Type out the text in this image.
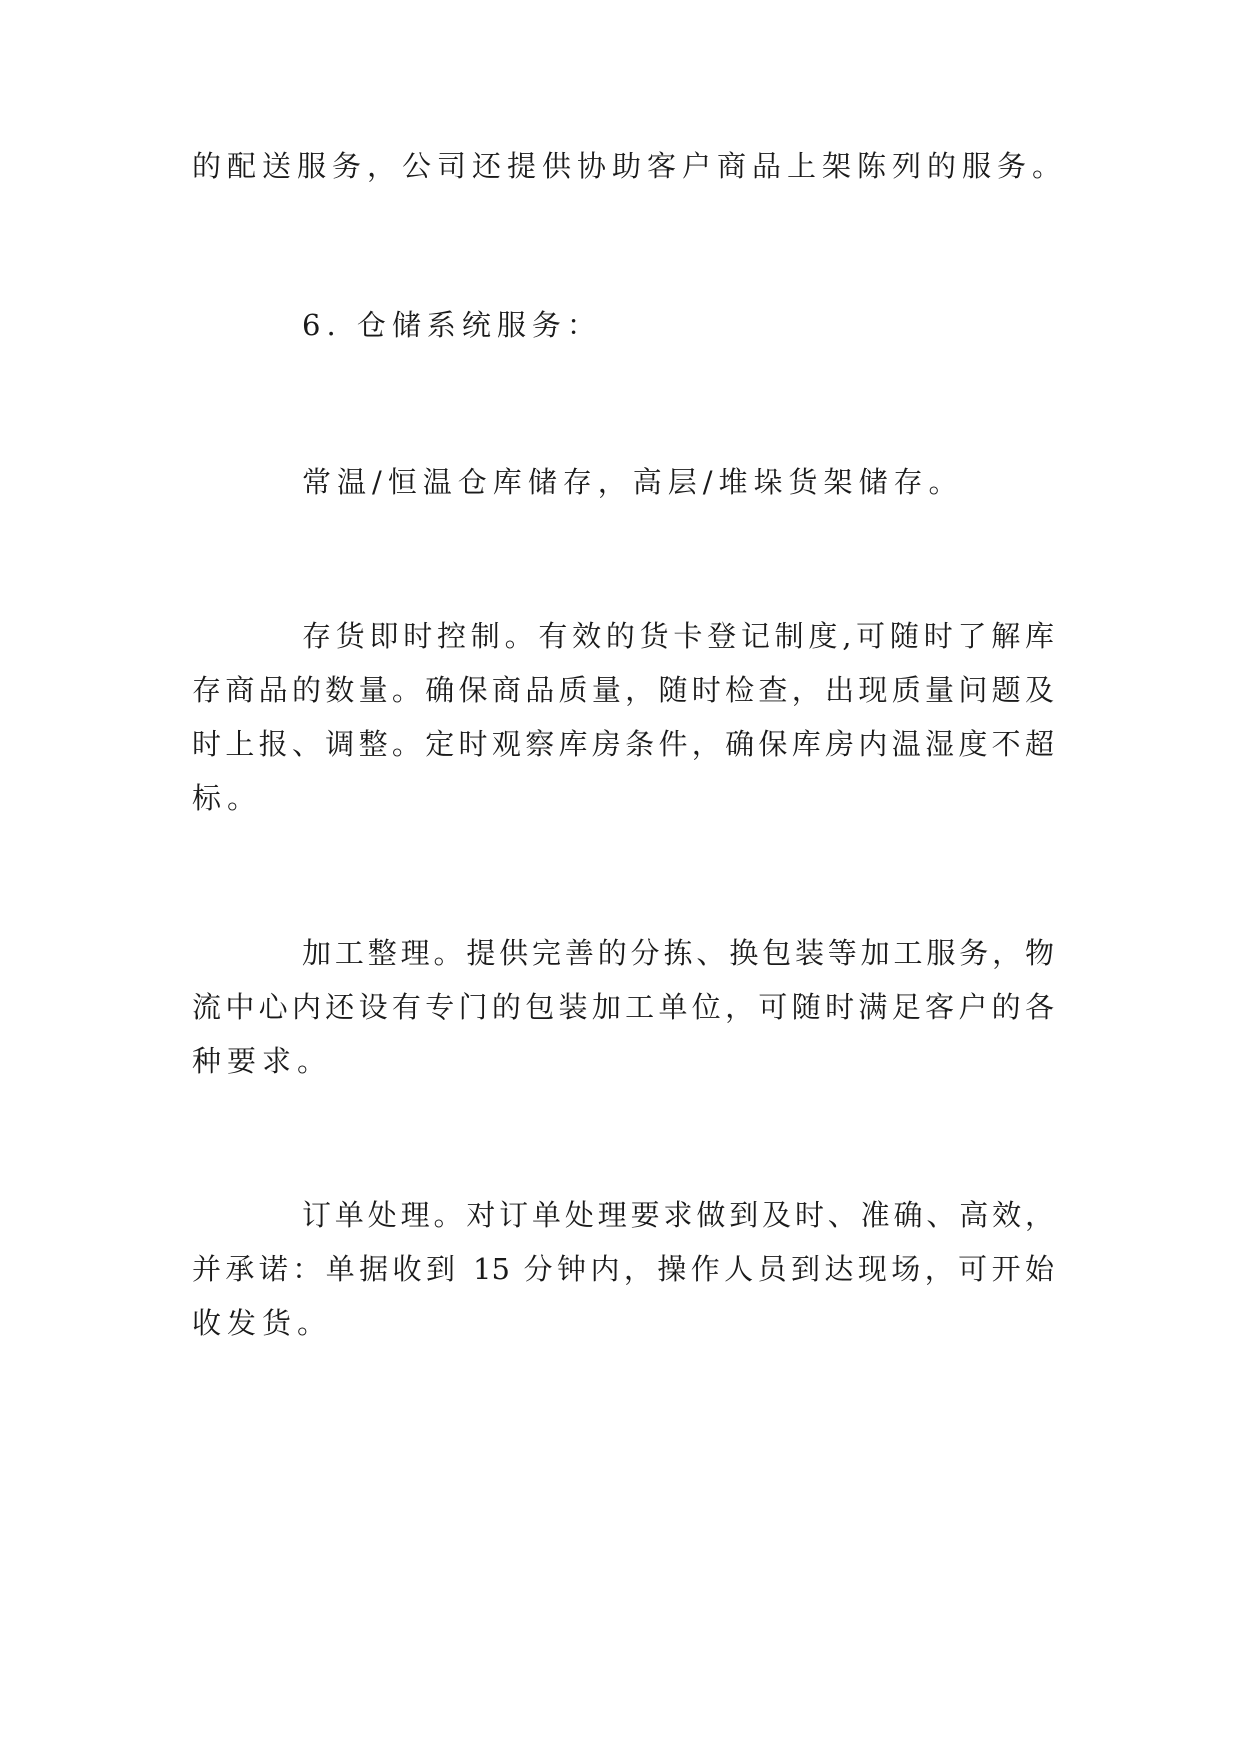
的配送服务，公司还提供协助客户商品上架陈列的服务。
6. 仓储系统服务：
常温/恒温仓库储存，高层/堆垛货架储存。
存货即时控制。有效的货卡登记制度,可随时了解库
存商品的数量。确保商品质量，随时检查，出现质量问题及
时上报、调整。定时观察库房条件，确保库房内温湿度不超
标。
加工整理。提供完善的分拣、换包装等加工服务，物
流中心内还设有专门的包装加工单位，可随时满足客户的各
种要求。
订单处理。对订单处理要求做到及时、准确、高效，
并承诺：单据收到 15 分钟内，操作人员到达现场，可开始
收发货。
